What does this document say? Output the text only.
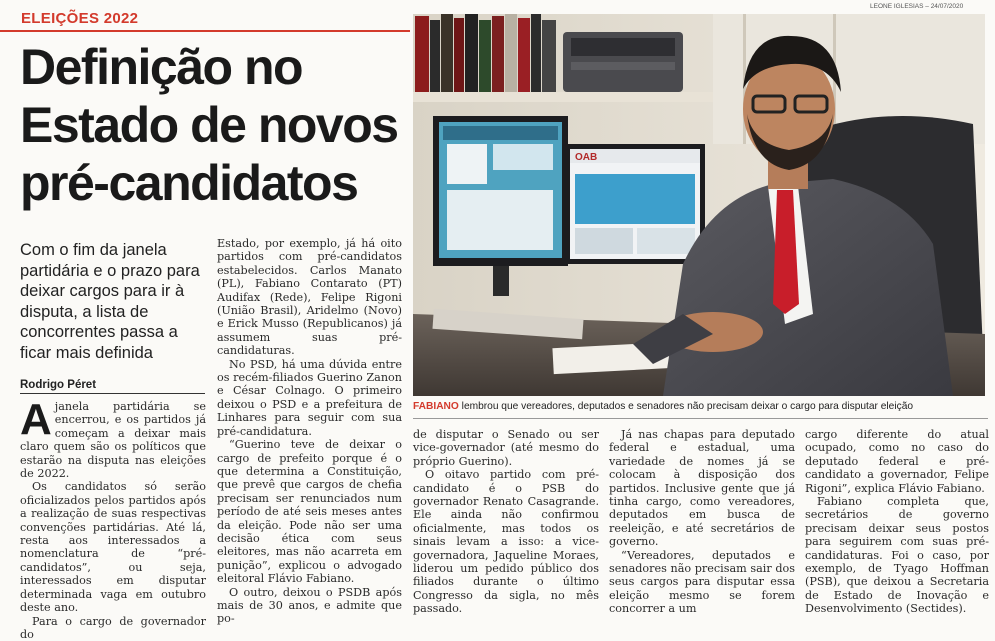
ELEIÇÕES 2022
Definição no Estado de novos pré-candidatos
Com o fim da janela partidária e o prazo para deixar cargos para ir à disputa, a lista de concorrentes passa a ficar mais definida
Rodrigo Péret

Ajanela partidária se encerrou, e os partidos já começam a deixar mais claro quem são os políticos que estarão na disputa nas eleições de 2022.

Os candidatos só serão oficializados pelos partidos após a realização de suas respectivas convenções partidárias. Até lá, resta aos interessados a nomenclatura de “pré-candidatos”, ou seja, interessados em disputar determinada vaga em outubro deste ano.

Para o cargo de governador do

Estado, por exemplo, já há oito partidos com pré-candidatos estabelecidos. Carlos Manato (PL), Fabiano Contarato (PT) Audifax (Rede), Felipe Rigoni (União Brasil), Aridelmo (Novo) e Erick Musso (Republicanos) já assumem suas pré-candidaturas.

No PSD, há uma dúvida entre os recém-filiados Guerino Zanon e César Colnago. O primeiro deixou o PSD e a prefeitura de Linhares para seguir com sua pré-candidatura.

“Guerino teve de deixar o cargo de prefeito porque é o que determina a Constituição, que prevê que cargos de chefia precisam ser renunciados num período de até seis meses antes da eleição. Pode não ser uma decisão ética com seus eleitores, mas não acarreta em punição”, explicou o advogado eleitoral Flávio Fabiano.

O outro, deixou o PSDB após mais de 30 anos, e admite que po-

OAB
LEONE IGLESIAS – 24/07/2020
FABIANO lembrou que vereadores, deputados e senadores não precisam deixar o cargo para disputar eleição

de disputar o Senado ou ser vice-governador (até mesmo do próprio Guerino).

O oitavo partido com pré-candidato é o PSB do governador Renato Casagrande. Ele ainda não confirmou oficialmente, mas todos os sinais levam a isso: a vice-governadora, Jaqueline Moraes, liderou um pedido público dos filiados durante o último Congresso da sigla, no mês passado.

Já nas chapas para deputado federal e estadual, uma variedade de nomes já se colocam à disposição dos partidos. Inclusive gente que já tinha cargo, como vereadores, deputados em busca de reeleição, e até secretários de governo.

“Vereadores, deputados e senadores não precisam sair dos seus cargos para disputar essa eleição mesmo se forem concorrer a um

cargo diferente do atual ocupado, como no caso do deputado federal e pré-candidato a governador, Felipe Rigoni”, explica Flávio Fabiano.

Fabiano completa que, secretários de governo precisam deixar seus postos para seguirem com suas pré-candidaturas. Foi o caso, por exemplo, de Tyago Hoffman (PSB), que deixou a Secretaria de Estado de Inovação e Desenvolvimento (Sectides).
